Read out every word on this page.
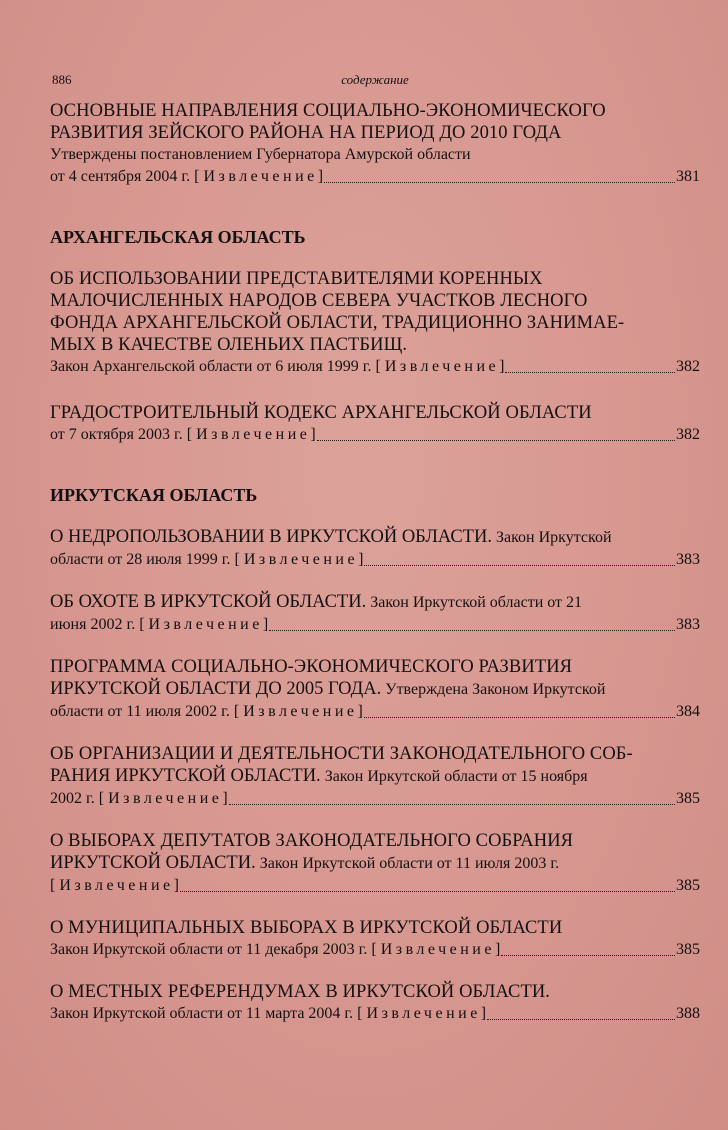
886	содержание
ОСНОВНЫЕ НАПРАВЛЕНИЯ СОЦИАЛЬНО-ЭКОНОМИЧЕСКОГО
РАЗВИТИЯ ЗЕЙСКОГО РАЙОНА НА ПЕРИОД ДО 2010 ГОДА
Утверждены постановлением Губернатора Амурской области
от 4 сентября 2004 г. [ Извлечение]	381
АРХАНГЕЛЬСКАЯ ОБЛАСТЬ
ОБ ИСПОЛЬЗОВАНИИ ПРЕДСТАВИТЕЛЯМИ КОРЕННЫХ
МАЛОЧИСЛЕННЫХ НАРОДОВ СЕВЕРА УЧАСТКОВ ЛЕСНОГО
ФОНДА АРХАНГЕЛЬСКОЙ ОБЛАСТИ, ТРАДИЦИОННО ЗАНИМАЕ-
МЫХ В КАЧЕСТВЕ ОЛЕНЬИХ ПАСТБИЩ.
Закон Архангельской области от 6 июля 1999 г. [ Извлечение]	382
ГРАДОСТРОИТЕЛЬНЫЙ КОДЕКС АРХАНГЕЛЬСКОЙ ОБЛАСТИ
от 7 октября 2003 г. [ Извлечение]	382
ИРКУТСКАЯ ОБЛАСТЬ
О НЕДРОПОЛЬЗОВАНИИ В ИРКУТСКОЙ ОБЛАСТИ. Закон Иркутской
области от 28 июля 1999 г. [ Извлечение]	383
ОБ ОХОТЕ В ИРКУТСКОЙ ОБЛАСТИ. Закон Иркутской области от 21
июня 2002 г. [ Извлечение]	383
ПРОГРАММА СОЦИАЛЬНО-ЭКОНОМИЧЕСКОГО РАЗВИТИЯ
ИРКУТСКОЙ ОБЛАСТИ ДО 2005 ГОДА. Утверждена Законом Иркутской
области от 11 июля 2002 г. [ Извлечение]	384
ОБ ОРГАНИЗАЦИИ И ДЕЯТЕЛЬНОСТИ ЗАКОНОДАТЕЛЬНОГО СОБ-
РАНИЯ ИРКУТСКОЙ ОБЛАСТИ. Закон Иркутской области от 15 ноября
2002 г. [ Извлечение]	385
О ВЫБОРАХ ДЕПУТАТОВ ЗАКОНОДАТЕЛЬНОГО СОБРАНИЯ
ИРКУТСКОЙ ОБЛАСТИ. Закон Иркутской области от 11 июля 2003 г.
[ Извлечение]	385
О МУНИЦИПАЛЬНЫХ ВЫБОРАХ В ИРКУТСКОЙ ОБЛАСТИ
Закон Иркутской области от 11 декабря 2003 г. [ Извлечение]	385
О МЕСТНЫХ РЕФЕРЕНДУМАХ В ИРКУТСКОЙ ОБЛАСТИ.
Закон Иркутской области от 11 марта 2004 г. [ Извлечение]	388
